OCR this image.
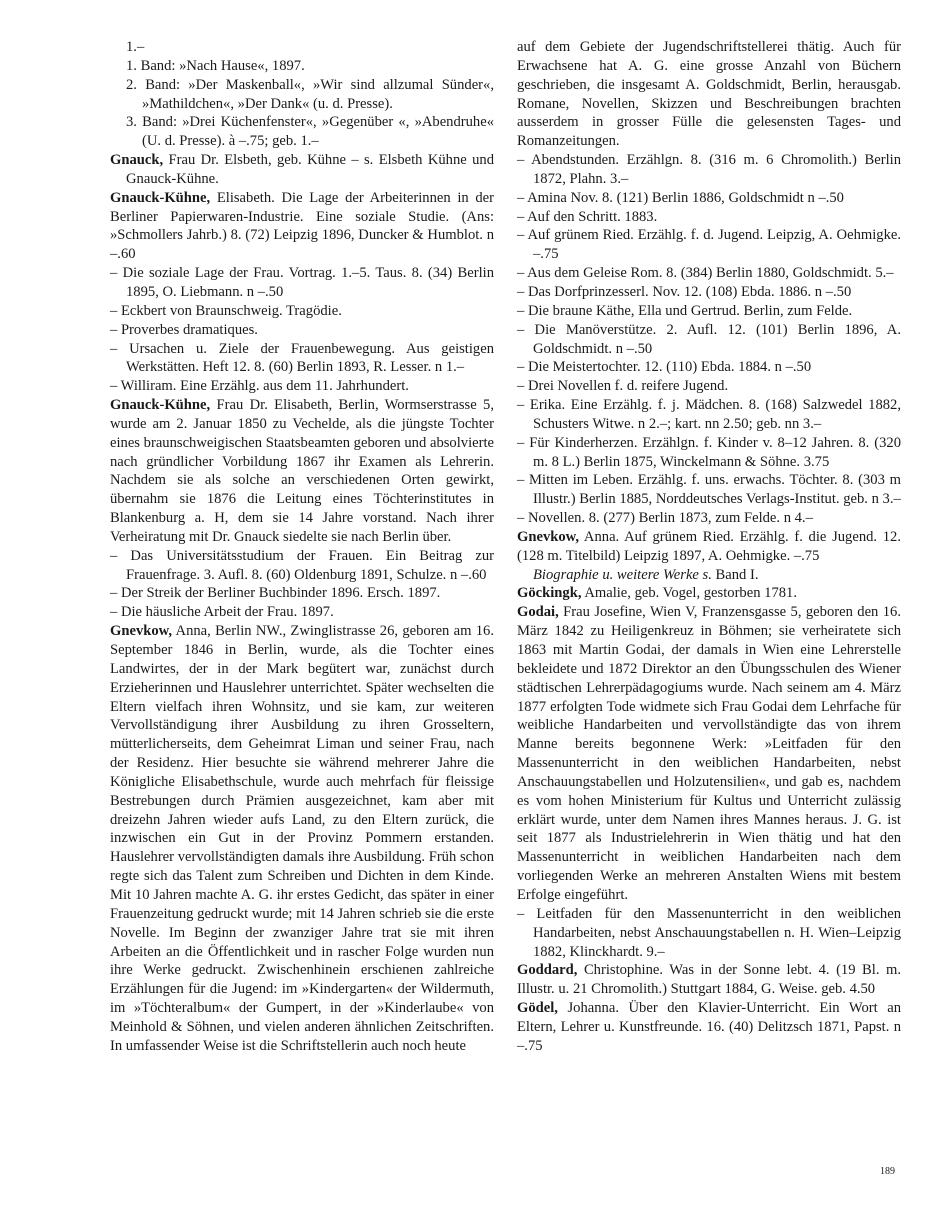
1.–

1. Band: »Nach Hause«, 1897.

2. Band: »Der Maskenball«, »Wir sind allzumal Sünder«, »Mathildchen«, »Der Dank« (u. d. Presse).

3. Band: »Drei Küchenfenster«, »Gegenüber «, »Abendruhe« (U. d. Presse). à –.75; geb. 1.–

Gnauck, Frau Dr. Elsbeth, geb. Kühne – s. Elsbeth Kühne und Gnauck-Kühne.

Gnauck-Kühne, Elisabeth. Die Lage der Arbeiterinnen in der Berliner Papierwaren-Industrie. Eine soziale Studie. (Ans: »Schmollers Jahrb.) 8. (72) Leipzig 1896, Duncker & Humblot. n –.60

– Die soziale Lage der Frau. Vortrag. 1.–5. Taus. 8. (34) Berlin 1895, O. Liebmann. n –.50

– Eckbert von Braunschweig. Tragödie.

– Proverbes dramatiques.

– Ursachen u. Ziele der Frauenbewegung. Aus geistigen Werkstätten. Heft 12. 8. (60) Berlin 1893, R. Lesser. n 1.–

– Williram. Eine Erzählg. aus dem 11. Jahrhundert.

Gnauck-Kühne, Frau Dr. Elisabeth, Berlin, Wormserstrasse 5, wurde am 2. Januar 1850 zu Vechelde, als die jüngste Tochter eines braunschweigischen Staatsbeamten geboren und absolvierte nach gründlicher Vorbildung 1867 ihr Examen als Lehrerin. Nachdem sie als solche an verschiedenen Orten gewirkt, übernahm sie 1876 die Leitung eines Töchterinstitutes in Blankenburg a. H, dem sie 14 Jahre vorstand. Nach ihrer Verheiratung mit Dr. Gnauck siedelte sie nach Berlin über.

– Das Universitätsstudium der Frauen. Ein Beitrag zur Frauenfrage. 3. Aufl. 8. (60) Oldenburg 1891, Schulze. n –.60

– Der Streik der Berliner Buchbinder 1896. Ersch. 1897.

– Die häusliche Arbeit der Frau. 1897.

Gnevkow, Anna, Berlin NW., Zwinglistrasse 26, geboren am 16. September 1846 in Berlin, wurde, als die Tochter eines Landwirtes, der in der Mark begütert war, zunächst durch Erzieherinnen und Hauslehrer unterrichtet. Später wechselten die Eltern vielfach ihren Wohnsitz, und sie kam, zur weiteren Vervollständigung ihrer Ausbildung zu ihren Grosseltern, mütterlicherseits, dem Geheimrat Liman und seiner Frau, nach der Residenz. Hier besuchte sie während mehrerer Jahre die Königliche Elisabethschule, wurde auch mehrfach für fleissige Bestrebungen durch Prämien ausgezeichnet, kam aber mit dreizehn Jahren wieder aufs Land, zu den Eltern zurück, die inzwischen ein Gut in der Provinz Pommern erstanden. Hauslehrer vervollständigten damals ihre Ausbildung. Früh schon regte sich das Talent zum Schreiben und Dichten in dem Kinde. Mit 10 Jahren machte A. G. ihr erstes Gedicht, das später in einer Frauenzeitung gedruckt wurde; mit 14 Jahren schrieb sie die erste Novelle. Im Beginn der zwanziger Jahre trat sie mit ihren Arbeiten an die Öffentlichkeit und in rascher Folge wurden nun ihre Werke gedruckt. Zwischenhinein erschienen zahlreiche Erzählungen für die Jugend: im »Kindergarten« der Wildermuth, im »Töchteralbum« der Gumpert, in der »Kinderlaube« von Meinhold & Söhnen, und vielen anderen ähnlichen Zeitschriften. In umfassender Weise ist die Schriftstellerin auch noch heute

auf dem Gebiete der Jugendschriftstellerei thätig. Auch für Erwachsene hat A. G. eine grosse Anzahl von Büchern geschrieben, die insgesamt A. Goldschmidt, Berlin, herausgab. Romane, Novellen, Skizzen und Beschreibungen brachten ausserdem in grosser Fülle die gelesensten Tages- und Romanzeitungen.

– Abendstunden. Erzählgn. 8. (316 m. 6 Chromolith.) Berlin 1872, Plahn. 3.–

– Amina Nov. 8. (121) Berlin 1886, Goldschmidt n –.50

– Auf den Schritt. 1883.

– Auf grünem Ried. Erzählg. f. d. Jugend. Leipzig, A. Oehmigke. –.75

– Aus dem Geleise Rom. 8. (384) Berlin 1880, Goldschmidt. 5.–

– Das Dorfprinzesserl. Nov. 12. (108) Ebda. 1886. n –.50

– Die braune Käthe, Ella und Gertrud. Berlin, zum Felde.

– Die Manöverstütze. 2. Aufl. 12. (101) Berlin 1896, A. Goldschmidt. n –.50

– Die Meistertochter. 12. (110) Ebda. 1884. n –.50

– Drei Novellen f. d. reifere Jugend.

– Erika. Eine Erzählg. f. j. Mädchen. 8. (168) Salzwedel 1882, Schusters Witwe. n 2.–; kart. nn 2.50; geb. nn 3.–

– Für Kinderherzen. Erzählgn. f. Kinder v. 8–12 Jahren. 8. (320 m. 8 L.) Berlin 1875, Winckelmann & Söhne. 3.75

– Mitten im Leben. Erzählg. f. uns. erwachs. Töchter. 8. (303 m Illustr.) Berlin 1885, Norddeutsches Verlags-Institut. geb. n 3.–

– Novellen. 8. (277) Berlin 1873, zum Felde. n 4.–

Gnevkow, Anna. Auf grünem Ried. Erzählg. f. die Jugend. 12. (128 m. Titelbild) Leipzig 1897, A. Oehmigke. –.75

Biographie u. weitere Werke s. Band I.

Göckingk, Amalie, geb. Vogel, gestorben 1781.

Godai, Frau Josefine, Wien V, Franzensgasse 5, geboren den 16. März 1842 zu Heiligenkreuz in Böhmen; sie verheiratete sich 1863 mit Martin Godai, der damals in Wien eine Lehrerstelle bekleidete und 1872 Direktor an den Übungsschulen des Wiener städtischen Lehrerpädagogiums wurde. Nach seinem am 4. März 1877 erfolgten Tode widmete sich Frau Godai dem Lehrfache für weibliche Handarbeiten und vervollständigte das von ihrem Manne bereits begonnene Werk: »Leitfaden für den Massenunterricht in den weiblichen Handarbeiten, nebst Anschauungstabellen und Holzutensilien«, und gab es, nachdem es vom hohen Ministerium für Kultus und Unterricht zulässig erklärt wurde, unter dem Namen ihres Mannes heraus. J. G. ist seit 1877 als Industrielehrerin in Wien thätig und hat den Massenunterricht in weiblichen Handarbeiten nach dem vorliegenden Werke an mehreren Anstalten Wiens mit bestem Erfolge eingeführt.

– Leitfaden für den Massenunterricht in den weiblichen Handarbeiten, nebst Anschauungstabellen n. H. Wien–Leipzig 1882, Klinckhardt. 9.–

Goddard, Christophine. Was in der Sonne lebt. 4. (19 Bl. m. Illustr. u. 21 Chromolith.) Stuttgart 1884, G. Weise. geb. 4.50

Gödel, Johanna. Über den Klavier-Unterricht. Ein Wort an Eltern, Lehrer u. Kunstfreunde. 16. (40) Delitzsch 1871, Papst. n –.75

189
